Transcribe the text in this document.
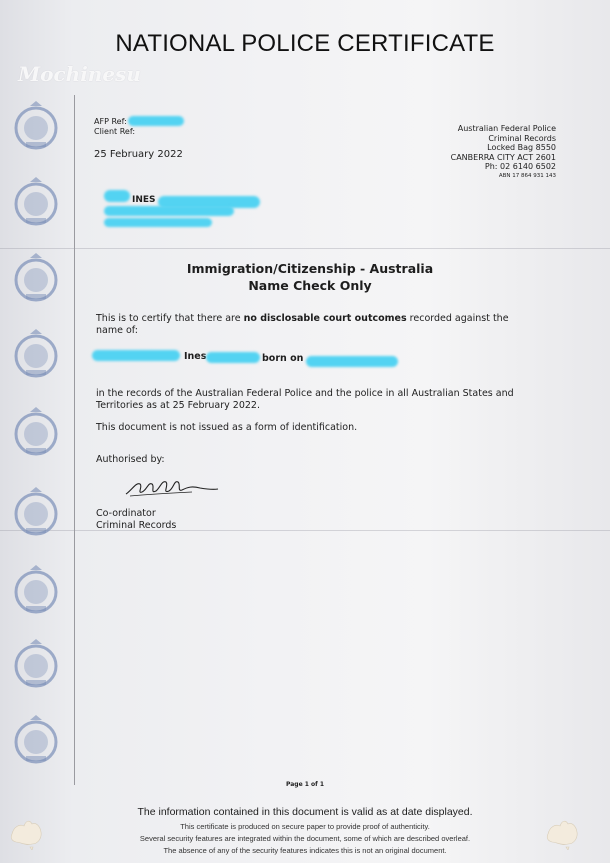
NATIONAL POLICE CERTIFICATE
Mochinesu
AFP Ref:
Client Ref:
25 February 2022
Australian Federal Police
Criminal Records
Locked Bag 8550
CANBERRA CITY ACT 2601
Ph: 02 6140 6502
ABN 17 864 931 143
INES
Immigration/Citizenship - Australia
Name Check Only
This is to certify that there are no disclosable court outcomes recorded against the name of:
Ines	born on
in the records of the Australian Federal Police and the police in all Australian States and Territories as at 25 February 2022.
This document is not issued as a form of identification.
Authorised by:
Co-ordinator
Criminal Records
Page 1 of 1
The information contained in this document is valid as at date displayed.
This certificate is produced on secure paper to provide proof of authenticity.
Several security features are integrated within the document, some of which are described overleaf.
The absence of any of the security features indicates this is not an original document.
